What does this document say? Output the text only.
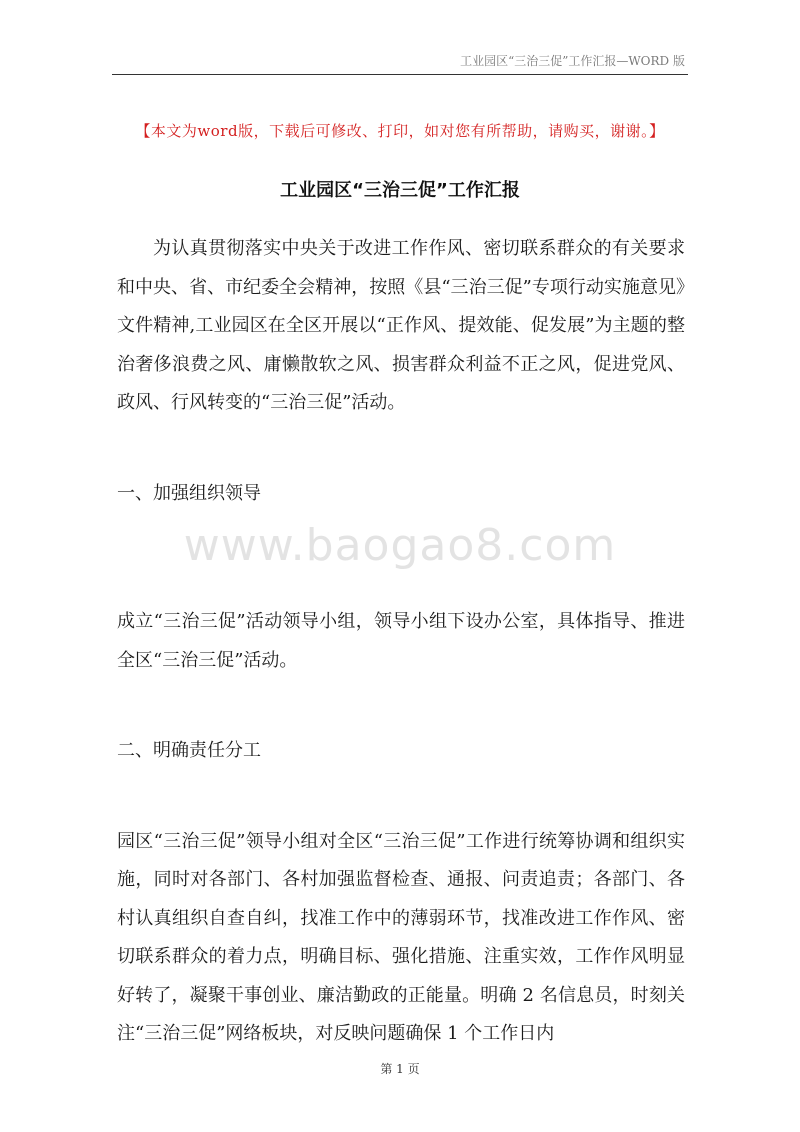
工业园区“三治三促”工作汇报—WORD 版
【本文为word版，下载后可修改、打印，如对您有所帮助，请购买，谢谢。】
工业园区“三治三促”工作汇报

为认真贯彻落实中央关于改进工作作风、密切联系群众的有关要求和中央、省、市纪委全会精神，按照《县“三治三促”专项行动实施意见》文件精神,工业园区在全区开展以“正作风、提效能、促发展”为主题的整治奢侈浪费之风、庸懒散软之风、损害群众利益不正之风，促进党风、政风、行风转变的“三治三促”活动。

一、加强组织领导

成立“三治三促”活动领导小组，领导小组下设办公室，具体指导、推进全区“三治三促”活动。

二、明确责任分工

园区“三治三促”领导小组对全区“三治三促”工作进行统筹协调和组织实施，同时对各部门、各村加强监督检查、通报、问责追责；各部门、各村认真组织自查自纠，找准工作中的薄弱环节，找准改进工作作风、密切联系群众的着力点，明确目标、强化措施、注重实效，工作作风明显好转了，凝聚干事创业、廉洁勤政的正能量。明确 2 名信息员，时刻关注“三治三促”网络板块，对反映问题确保 1 个工作日内

www.baogao8.com
第 1 页
